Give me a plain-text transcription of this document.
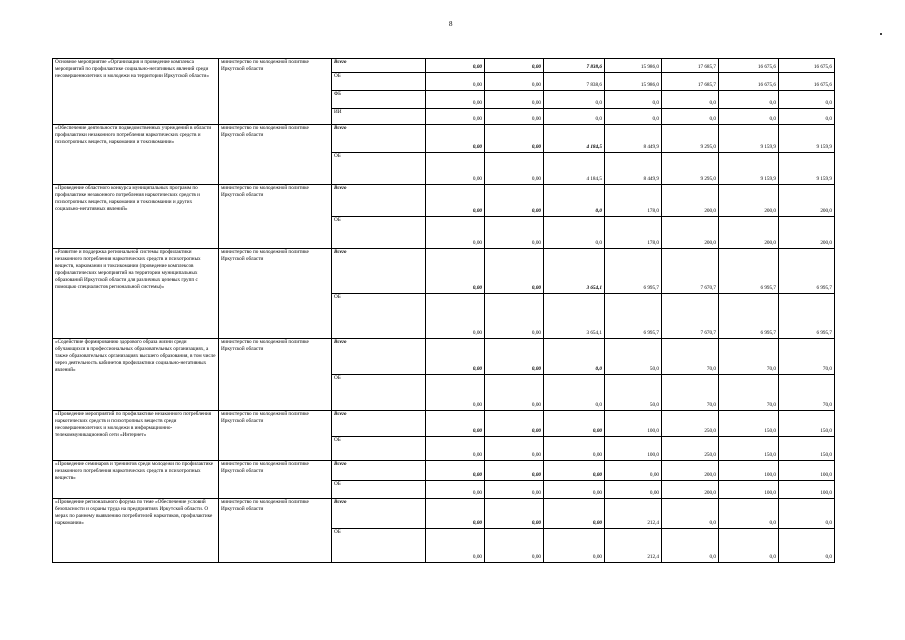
8
Основное мероприятие «Организация и проведение комплекса мероприятий по профилактике социально-негативных явлений среди несовершеннолетних и молодежи на территории Иркутской области»	министерство по молодежной политике Иркутской области	Всего	0,00	0,00	7 838,6	15 986,0	17 685,7	16 675,6	16 675,6
		ОБ	0,00	0,00	7 838,6	15 986,0	17 685,7	16 675,6	16 675,6
		ФБ	0,00	0,00	0,0	0,0	0,0	0,0	0,0
		ИИ	0,00	0,00	0,0	0,0	0,0	0,0	0,0
«Обеспечение деятельности подведомственных учреждений в области профилактики незаконного потребления наркотических средств и психотропных веществ, наркомании и токсикомании»	министерство по молодежной политике Иркутской области	Всего	0,00	0,00	4 184,5	8 449,9	9 295,0	9 159,9	9 159,9
		ОБ	0,00	0,00	4 184,5	8 449,9	9 295,0	9 159,9	9 159,9
«Проведение областного конкурса муниципальных программ по профилактике незаконного потребления наркотических средств и психотропных веществ, наркомании и токсикомании и других социально-негативных явлений»	министерство по молодежной политике Иркутской области	Всего	0,00	0,00	0,0	178,0	200,0	200,0	200,0
		ОБ	0,00	0,00	0,0	178,0	200,0	200,0	200,0
«Развитие и поддержка региональной системы профилактики незаконного потребления наркотических средств и психотропных веществ, наркомании и токсикомании (проведение комплексов профилактических мероприятий на территории муниципальных образований Иркутской области для различных целевых групп с помощью специалистов региональной системы)»	министерство по молодежной политике Иркутской области	Всего	0,00	0,00	3 654,1	6 995,7	7 670,7	6 995,7	6 995,7
		ОБ	0,00	0,00	3 654,1	6 995,7	7 670,7	6 995,7	6 995,7
«Содействие формированию здорового образа жизни среди обучающихся в профессиональных образовательных организациях, а также образовательных организациях высшего образования, в том числе через деятельность кабинетов профилактики социально-негативных явлений»	министерство по молодежной политике Иркутской области	Всего	0,00	0,00	0,0	50,0	70,0	70,0	70,0
		ОБ	0,00	0,00	0,0	50,0	70,0	70,0	70,0
«Проведение мероприятий по профилактике незаконного потребления наркотических средств и психотропных веществ среди несовершеннолетних и молодежи в информационно-телекоммуникационной сети «Интернет»	министерство по молодежной политике Иркутской области	Всего	0,00	0,00	0,00	100,0	250,0	150,0	150,0
		ОБ	0,00	0,00	0,00	100,0	250,0	150,0	150,0
«Проведение семинаров и тренингов среди молодежи по профилактике незаконного потребления наркотических средств и психотропных веществ»	министерство по молодежной политике Иркутской области	Всего	0,00	0,00	0,00	0,00	200,0	100,0	100,0
		ОБ	0,00	0,00	0,00	0,00	200,0	100,0	100,0
«Проведение регионального форума по теме «Обеспечение условий безопасности и охраны труда на предприятиях Иркутской области. О мерах по раннему выявлению потребителей наркотиков, профилактике наркомании»	министерство по молодежной политике Иркутской области	Всего	0,00	0,00	0,00	212,4	0,0	0,0	0,0
		ОБ	0,00	0,00	0,00	212,4	0,0	0,0	0,0
